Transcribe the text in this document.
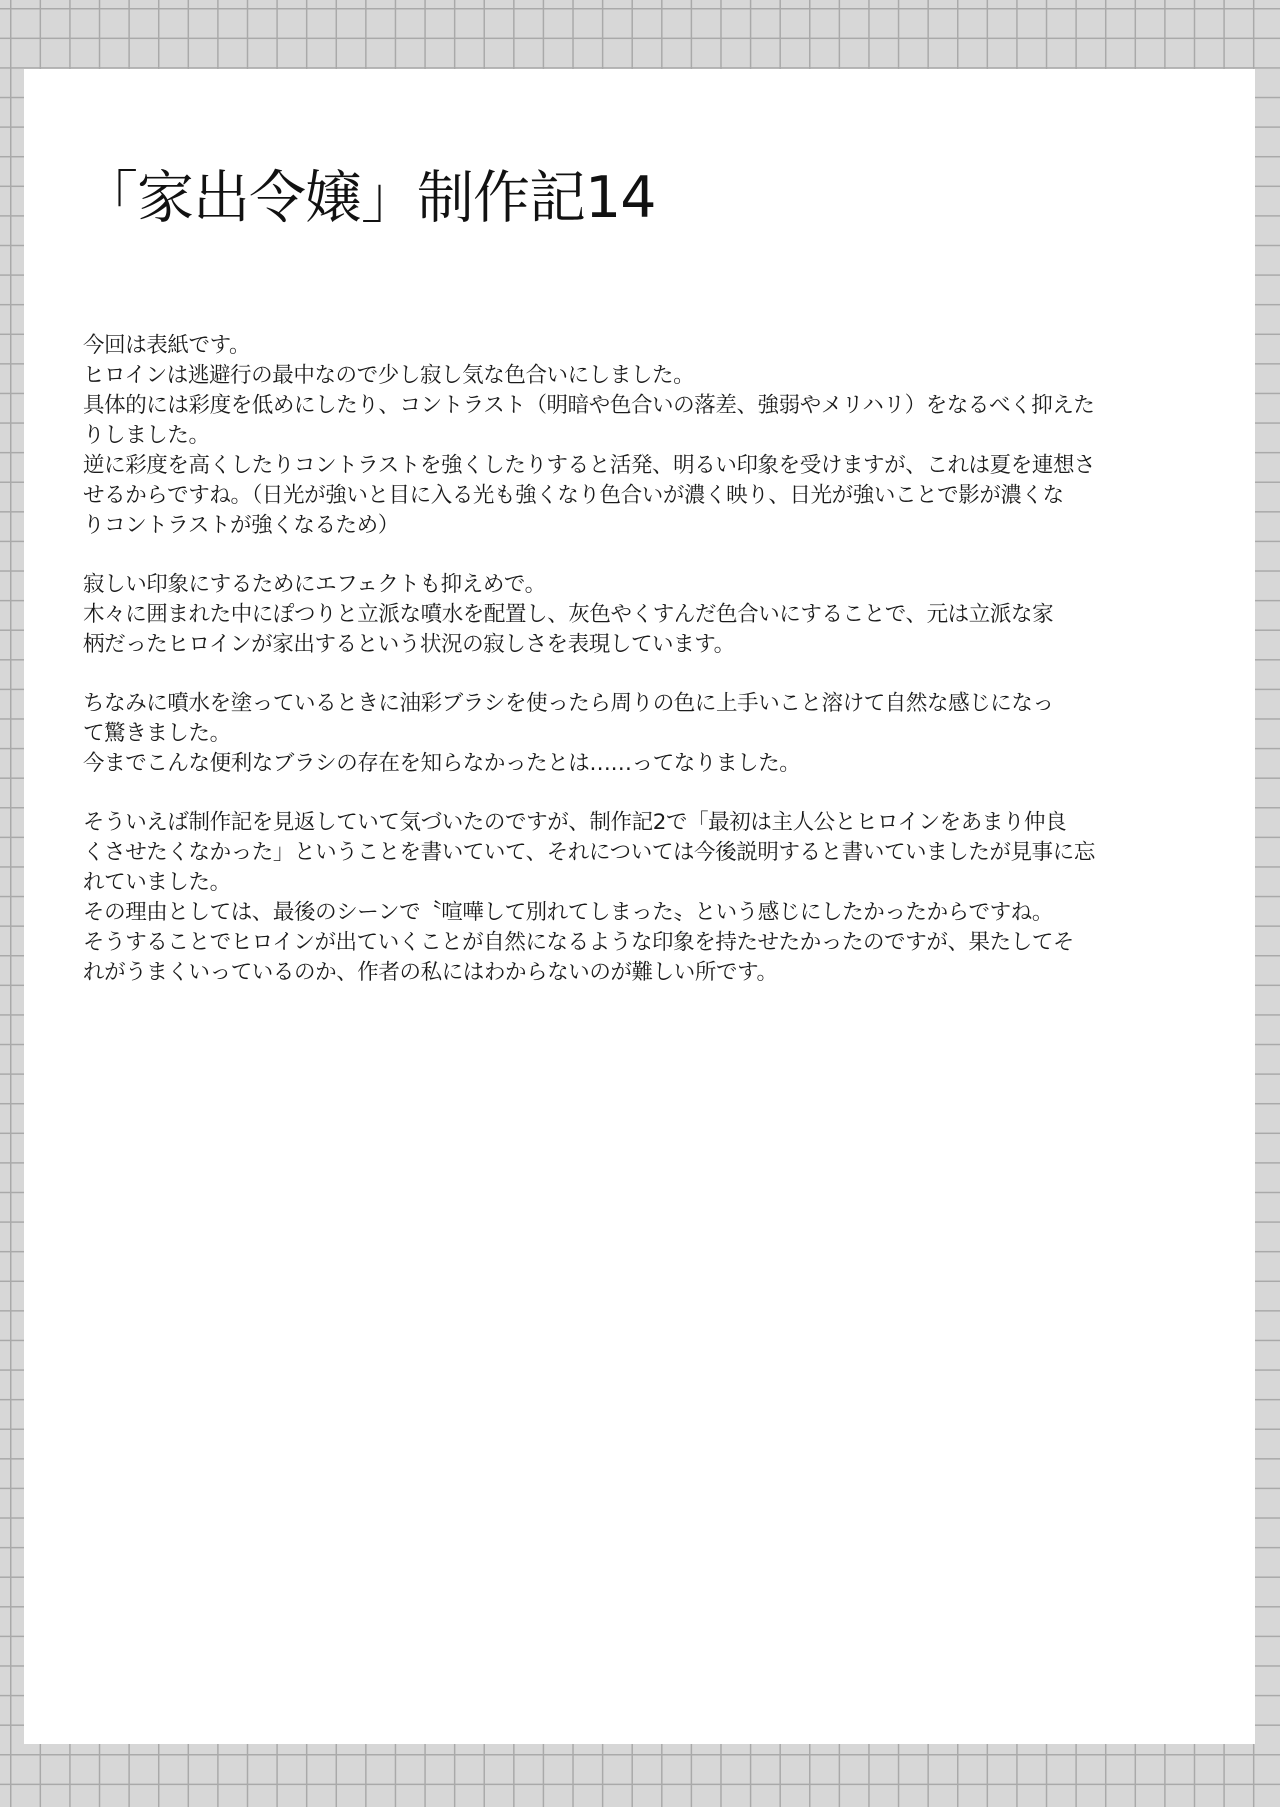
「家出令嬢」制作記14
今回は表紙です。
ヒロインは逃避行の最中なので少し寂し気な色合いにしました。
具体的には彩度を低めにしたり、コントラスト（明暗や色合いの落差、強弱やメリハリ）をなるべく抑えた
りしました。
逆に彩度を高くしたりコントラストを強くしたりすると活発、明るい印象を受けますが、これは夏を連想さ
せるからですね。（日光が強いと目に入る光も強くなり色合いが濃く映り、日光が強いことで影が濃くな
りコントラストが強くなるため）
寂しい印象にするためにエフェクトも抑えめで。
木々に囲まれた中にぽつりと立派な噴水を配置し、灰色やくすんだ色合いにすることで、元は立派な家
柄だったヒロインが家出するという状況の寂しさを表現しています。
ちなみに噴水を塗っているときに油彩ブラシを使ったら周りの色に上手いこと溶けて自然な感じになっ
て驚きました。
今までこんな便利なブラシの存在を知らなかったとは……ってなりました。
そういえば制作記を見返していて気づいたのですが、制作記2で「最初は主人公とヒロインをあまり仲良
くさせたくなかった」ということを書いていて、それについては今後説明すると書いていましたが見事に忘
れていました。
その理由としては、最後のシーンで〝喧嘩して別れてしまった〟という感じにしたかったからですね。
そうすることでヒロインが出ていくことが自然になるような印象を持たせたかったのですが、果たしてそ
れがうまくいっているのか、作者の私にはわからないのが難しい所です。
